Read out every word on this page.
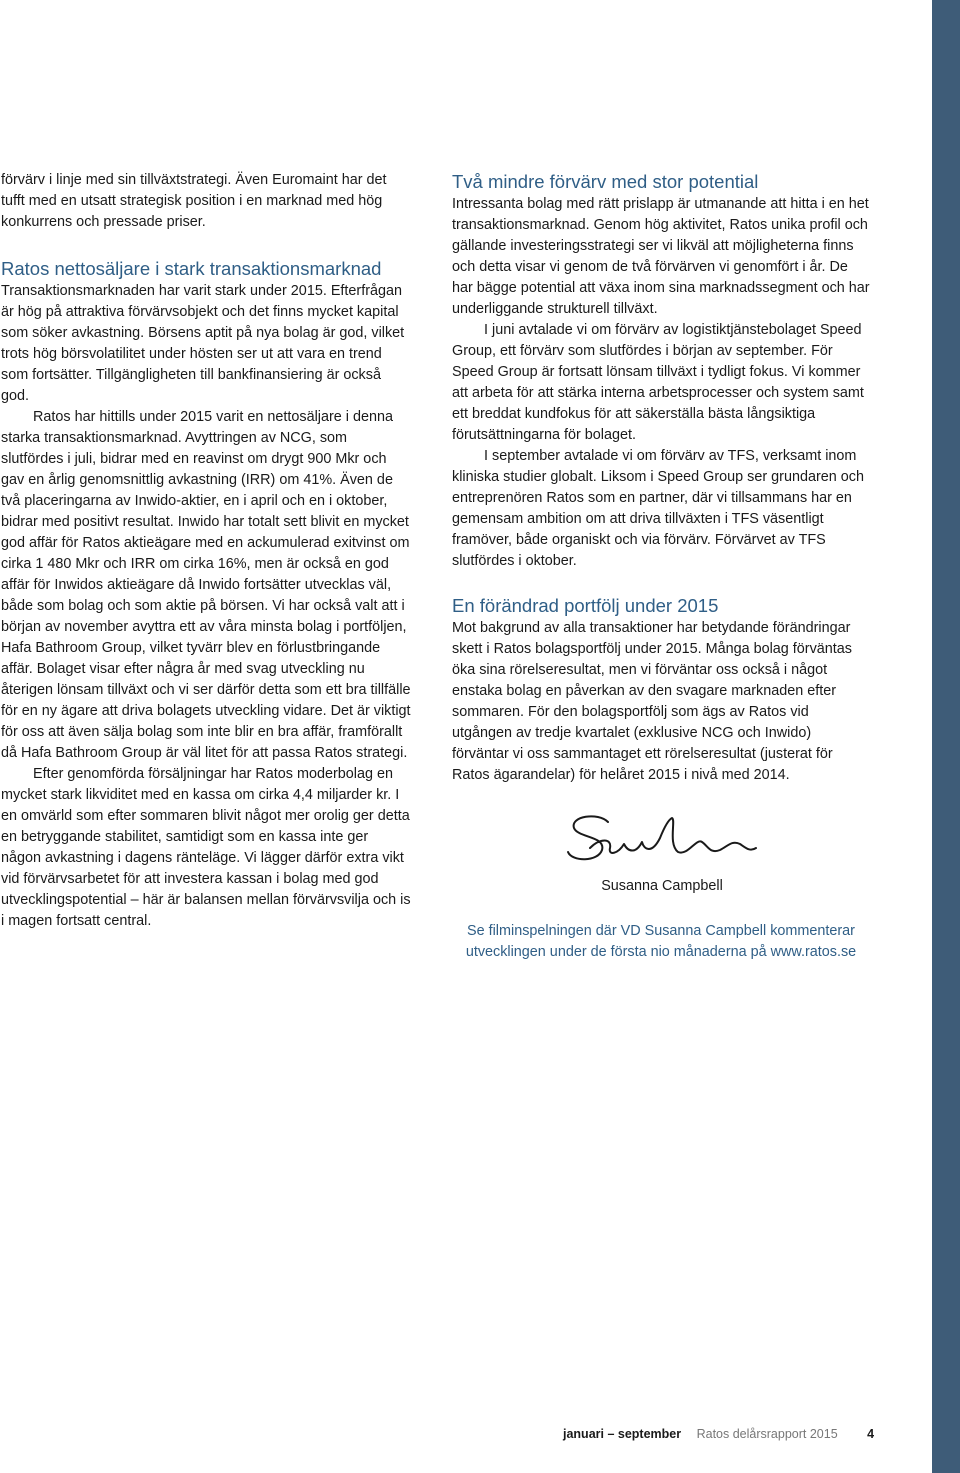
förvärv i linje med sin tillväxtstrategi. Även Euromaint har det tufft med en utsatt strategisk position i en marknad med hög konkurrens och pressade priser.
Ratos nettosäljare i stark transaktionsmarknad
Transaktionsmarknaden har varit stark under 2015. Efterfrågan är hög på attraktiva förvärvsobjekt och det finns mycket kapital som söker avkastning. Börsens aptit på nya bolag är god, vilket trots hög börsvolatilitet under hösten ser ut att vara en trend som fortsätter. Tillgängligheten till bankfinansiering är också god.
Ratos har hittills under 2015 varit en nettosäljare i denna starka transaktionsmarknad. Avyttringen av NCG, som slutfördes i juli, bidrar med en reavinst om drygt 900 Mkr och gav en årlig genomsnittlig avkastning (IRR) om 41%. Även de två placeringarna av Inwido-aktier, en i april och en i oktober, bidrar med positivt resultat. Inwido har totalt sett blivit en mycket god affär för Ratos aktieägare med en ackumulerad exitvinst om cirka 1 480 Mkr och IRR om cirka 16%, men är också en god affär för Inwidos aktieägare då Inwido fortsätter utvecklas väl, både som bolag och som aktie på börsen. Vi har också valt att i början av november avyttra ett av våra minsta bolag i portföljen, Hafa Bathroom Group, vilket tyvärr blev en förlustbringande affär. Bolaget visar efter några år med svag utveckling nu återigen lönsam tillväxt och vi ser därför detta som ett bra tillfälle för en ny ägare att driva bolagets utveckling vidare. Det är viktigt för oss att även sälja bolag som inte blir en bra affär, framförallt då Hafa Bathroom Group är väl litet för att passa Ratos strategi.
Efter genomförda försäljningar har Ratos moderbolag en mycket stark likviditet med en kassa om cirka 4,4 miljarder kr. I en omvärld som efter sommaren blivit något mer orolig ger detta en betryggande stabilitet, samtidigt som en kassa inte ger någon avkastning i dagens ränteläge. Vi lägger därför extra vikt vid förvärvsarbetet för att investera kassan i bolag med god utvecklingspotential – här är balansen mellan förvärvsvilja och is i magen fortsatt central.
Två mindre förvärv med stor potential
Intressanta bolag med rätt prislapp är utmanande att hitta i en het transaktionsmarknad. Genom hög aktivitet, Ratos unika profil och gällande investeringsstrategi ser vi likväl att möjligheterna finns och detta visar vi genom de två förvärven vi genomfört i år. De har bägge potential att växa inom sina marknadssegment och har underliggande strukturell tillväxt.
I juni avtalade vi om förvärv av logistiktjänstebolaget Speed Group, ett förvärv som slutfördes i början av september. För Speed Group är fortsatt lönsam tillväxt i tydligt fokus. Vi kommer att arbeta för att stärka interna arbetsprocesser och system samt ett breddat kundfokus för att säkerställa bästa långsiktiga förutsättningarna för bolaget.
I september avtalade vi om förvärv av TFS, verksamt inom kliniska studier globalt. Liksom i Speed Group ser grundaren och entreprenören Ratos som en partner, där vi tillsammans har en gemensam ambition om att driva tillväxten i TFS väsentligt framöver, både organiskt och via förvärv. Förvärvet av TFS slutfördes i oktober.
En förändrad portfölj under 2015
Mot bakgrund av alla transaktioner har betydande förändringar skett i Ratos bolagsportfölj under 2015. Många bolag förväntas öka sina rörelseresultat, men vi förväntar oss också i något enstaka bolag en påverkan av den svagare marknaden efter sommaren. För den bolagsportfölj som ägs av Ratos vid utgången av tredje kvartalet (exklusive NCG och Inwido) förväntar vi oss sammantaget ett rörelseresultat (justerat för Ratos ägarandelar) för helåret 2015 i nivå med 2014.
Susanna Campbell
Se filminspelningen där VD Susanna Campbell kommenterar utvecklingen under de första nio månaderna på www.ratos.se
januari – september Ratos delårsrapport 2015 4
